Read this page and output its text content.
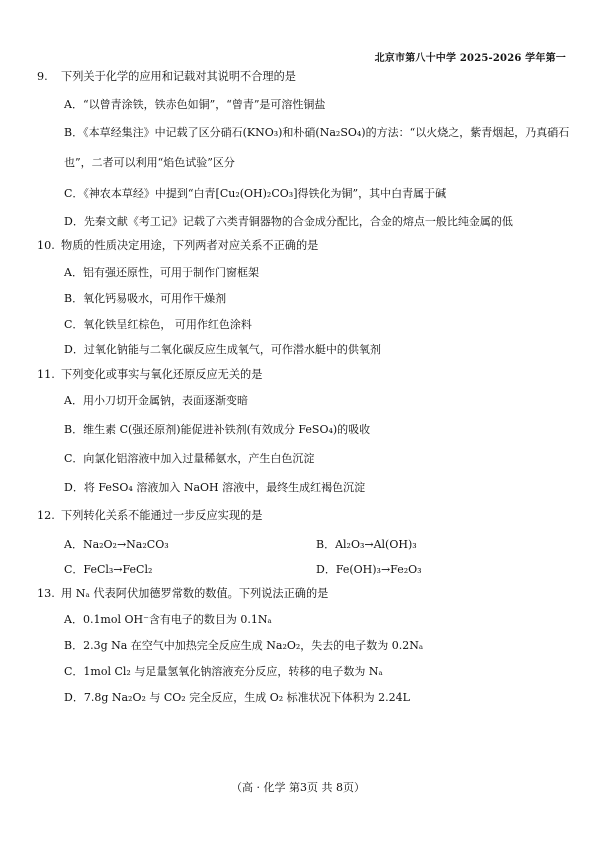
北京市第八十中学 2025-2026 学年第一
9. 下列关于化学的应用和记载对其说明不合理的是
A．“以曾青涂铁，铁赤色如铜”，“曾青”是可溶性铜盐
B．《本草经集注》中记载了区分硝石(KNO₃)和朴硝(Na₂SO₄)的方法：“以火烧之，紫青烟起，乃真硝石
也”，二者可以利用“焰色试验”区分
C．《神农本草经》中提到“白青[Cu₂(OH)₂CO₃]得铁化为铜”，其中白青属于碱
D．先秦文献《考工记》记载了六类青铜器物的合金成分配比，合金的熔点一般比纯金属的低
10. 物质的性质决定用途，下列两者对应关系不正确的是
A．铝有强还原性，可用于制作门窗框架
B．氧化钙易吸水，可用作干燥剂
C．氧化铁呈红棕色， 可用作红色涂料
D．过氧化钠能与二氧化碳反应生成氧气，可作潜水艇中的供氧剂
11. 下列变化或事实与氧化还原反应无关的是
A．用小刀切开金属钠，表面逐渐变暗
B．维生素 C(强还原剂)能促进补铁剂(有效成分 FeSO₄)的吸收
C．向氯化铝溶液中加入过量稀氨水，产生白色沉淀
D．将 FeSO₄ 溶液加入 NaOH 溶液中，最终生成红褐色沉淀
12. 下列转化关系不能通过一步反应实现的是
A．Na₂O₂→Na₂CO₃	B．Al₂O₃→Al(OH)₃
C．FeCl₃→FeCl₂	D．Fe(OH)₃→Fe₂O₃
13. 用 Nₐ 代表阿伏加德罗常数的数值。下列说法正确的是
A．0.1mol OH⁻含有电子的数目为 0.1Nₐ
B．2.3g Na 在空气中加热完全反应生成 Na₂O₂，失去的电子数为 0.2Nₐ
C．1mol Cl₂ 与足量氢氧化钠溶液充分反应，转移的电子数为 Nₐ
D．7.8g Na₂O₂ 与 CO₂ 完全反应，生成 O₂ 标准状况下体积为 2.24L
（高 · 化学 第3页 共 8页）
